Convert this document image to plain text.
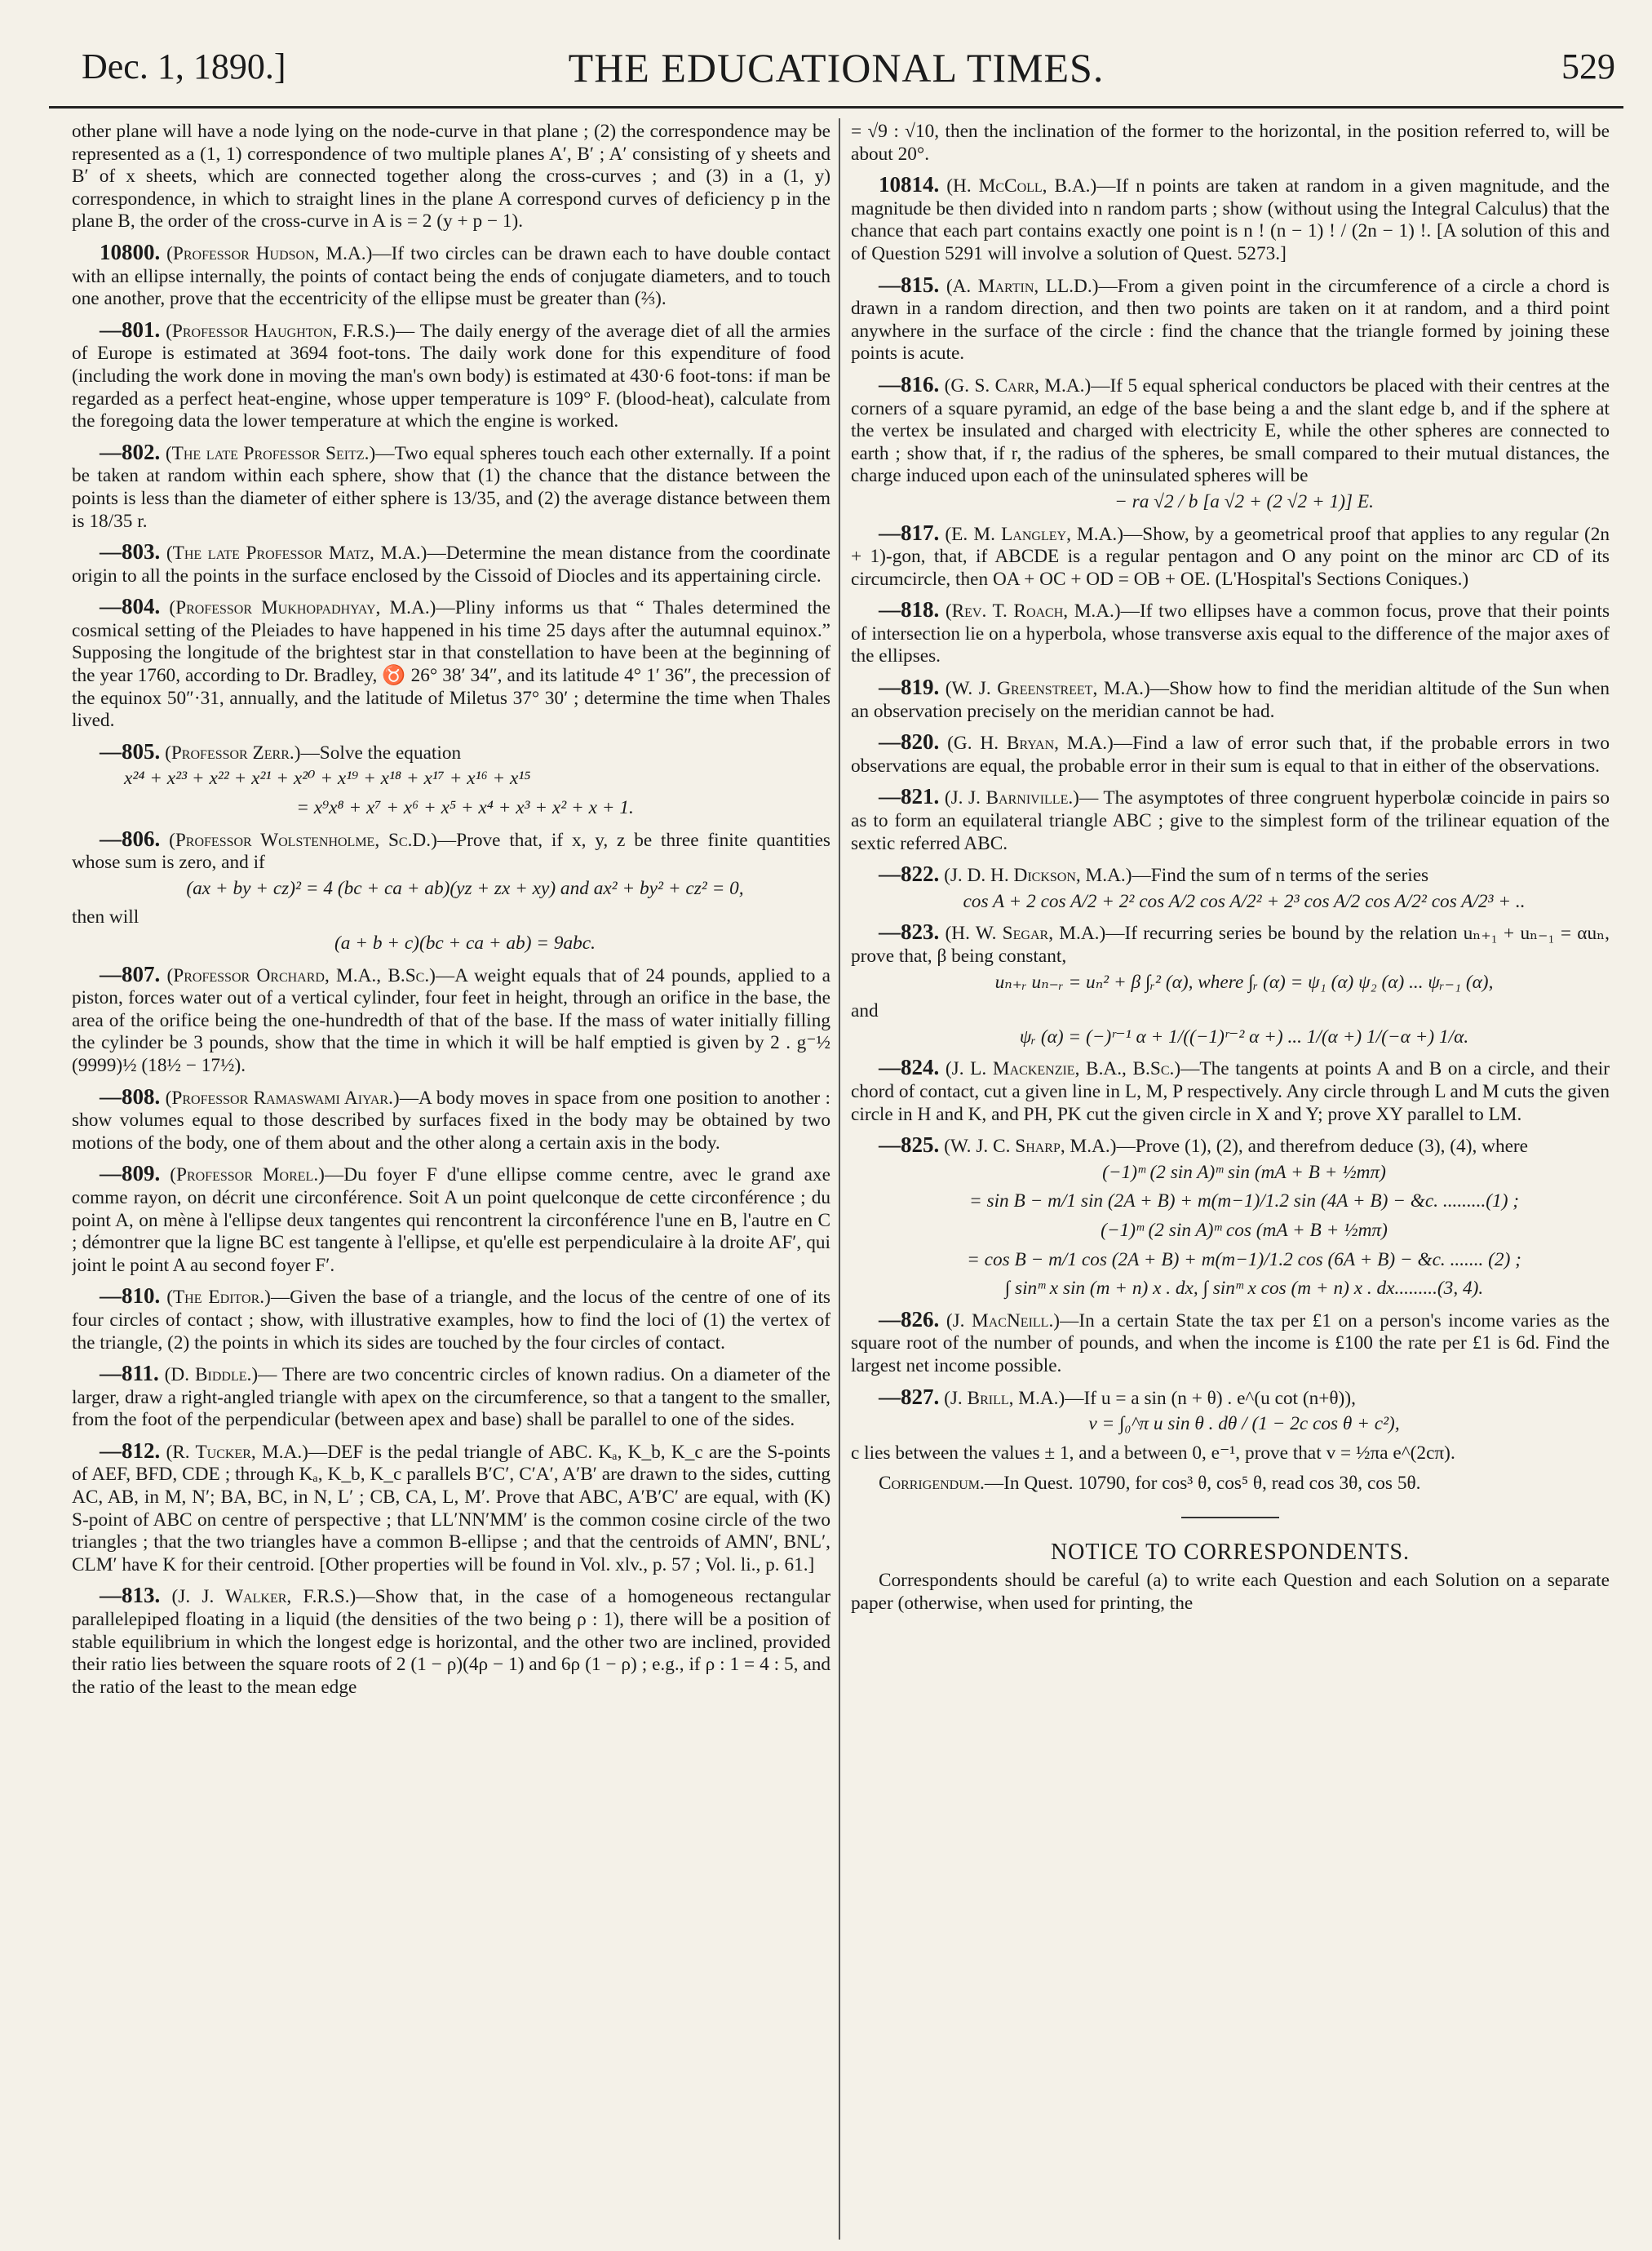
Dec. 1, 1890.]	THE EDUCATIONAL TIMES.	529

other plane will have a node lying on the node-curve in that plane ; (2) the correspondence may be represented as a (1, 1) correspondence of two multiple planes A′, B′ ; A′ consisting of y sheets and B′ of x sheets, which are connected together along the cross-curves ; and (3) in a (1, y) correspondence, in which to straight lines in the plane A correspond curves of deficiency p in the plane B, the order of the cross-curve in A is = 2 (y + p − 1).

10800. (Professor Hudson, M.A.)—If two circles can be drawn each to have double contact with an ellipse internally, the points of contact being the ends of conjugate diameters, and to touch one another, prove that the eccentricity of the ellipse must be greater than (⅔).

—801. (Professor Haughton, F.R.S.)— The daily energy of the average diet of all the armies of Europe is estimated at 3694 foot-tons. The daily work done for this expenditure of food (including the work done in moving the man's own body) is estimated at 430·6 foot-tons: if man be regarded as a perfect heat-engine, whose upper temperature is 109° F. (blood-heat), calculate from the foregoing data the lower temperature at which the engine is worked.

—802. (The late Professor Seitz.)—Two equal spheres touch each other externally. If a point be taken at random within each sphere, show that (1) the chance that the distance between the points is less than the diameter of either sphere is 13/35, and (2) the average distance between them is 18/35 r.

—803. (The late Professor Matz, M.A.)—Determine the mean distance from the coordinate origin to all the points in the surface enclosed by the Cissoid of Diocles and its appertaining circle.

—804. (Professor Mukhopadhyay, M.A.)—Pliny informs us that “ Thales determined the cosmical setting of the Pleiades to have happened in his time 25 days after the autumnal equinox.” Supposing the longitude of the brightest star in that constellation to have been at the beginning of the year 1760, according to Dr. Bradley, ♉ 26° 38′ 34″, and its latitude 4° 1′ 36″, the precession of the equinox 50″·31, annually, and the latitude of Miletus 37° 30′ ; determine the time when Thales lived.

—805. (Professor Zerr.)—Solve the equation
x²⁴ + x²³ + x²² + x²¹ + x²⁰ + x¹⁹ + x¹⁸ + x¹⁷ + x¹⁶ + x¹⁵
= x⁹x⁸ + x⁷ + x⁶ + x⁵ + x⁴ + x³ + x² + x + 1.

—806. (Professor Wolstenholme, Sc.D.)—Prove that, if x, y, z be three finite quantities whose sum is zero, and if
(ax + by + cz)² = 4 (bc + ca + ab)(yz + zx + xy) and ax² + by² + cz² = 0,
then will
(a + b + c)(bc + ca + ab) = 9abc.

—807. (Professor Orchard, M.A., B.Sc.)—A weight equals that of 24 pounds, applied to a piston, forces water out of a vertical cylinder, four feet in height, through an orifice in the base, the area of the orifice being the one-hundredth of that of the base. If the mass of water initially filling the cylinder be 3 pounds, show that the time in which it will be half emptied is given by 2 . g⁻½ (9999)½ (18½ − 17½).

—808. (Professor Ramaswami Aiyar.)—A body moves in space from one position to another : show volumes equal to those described by surfaces fixed in the body may be obtained by two motions of the body, one of them about and the other along a certain axis in the body.

—809. (Professor Morel.)—Du foyer F d'une ellipse comme centre, avec le grand axe comme rayon, on décrit une circonférence. Soit A un point quelconque de cette circonférence ; du point A, on mène à l'ellipse deux tangentes qui rencontrent la circonférence l'une en B, l'autre en C ; démontrer que la ligne BC est tangente à l'ellipse, et qu'elle est perpendiculaire à la droite AF′, qui joint le point A au second foyer F′.

—810. (The Editor.)—Given the base of a triangle, and the locus of the centre of one of its four circles of contact ; show, with illustrative examples, how to find the loci of (1) the vertex of the triangle, (2) the points in which its sides are touched by the four circles of contact.

—811. (D. Biddle.)— There are two concentric circles of known radius. On a diameter of the larger, draw a right-angled triangle with apex on the circumference, so that a tangent to the smaller, from the foot of the perpendicular (between apex and base) shall be parallel to one of the sides.

—812. (R. Tucker, M.A.)—DEF is the pedal triangle of ABC. Kₐ, K_b, K_c are the S-points of AEF, BFD, CDE ; through Kₐ, K_b, K_c parallels B′C′, C′A′, A′B′ are drawn to the sides, cutting AC, AB, in M, N′; BA, BC, in N, L′ ; CB, CA, L, M′. Prove that ABC, A′B′C′ are equal, with (K) S-point of ABC on centre of perspective ; that LL′NN′MM′ is the common cosine circle of the two triangles ; that the two triangles have a common B-ellipse ; and that the centroids of AMN′, BNL′, CLM′ have K for their centroid. [Other properties will be found in Vol. xlv., p. 57 ; Vol. li., p. 61.]

—813. (J. J. Walker, F.R.S.)—Show that, in the case of a homogeneous rectangular parallelepiped floating in a liquid (the densities of the two being ρ : 1), there will be a position of stable equilibrium in which the longest edge is horizontal, and the other two are inclined, provided their ratio lies between the square roots of 2 (1 − ρ)(4ρ − 1) and 6ρ (1 − ρ) ; e.g., if ρ : 1 = 4 : 5, and the ratio of the least to the mean edge

= √9 : √10, then the inclination of the former to the horizontal, in the position referred to, will be about 20°.

10814. (H. McColl, B.A.)—If n points are taken at random in a given magnitude, and the magnitude be then divided into n random parts ; show (without using the Integral Calculus) that the chance that each part contains exactly one point is n ! (n − 1) ! / (2n − 1) !. [A solution of this and of Question 5291 will involve a solution of Quest. 5273.]

—815. (A. Martin, LL.D.)—From a given point in the circumference of a circle a chord is drawn in a random direction, and then two points are taken on it at random, and a third point anywhere in the surface of the circle : find the chance that the triangle formed by joining these points is acute.

—816. (G. S. Carr, M.A.)—If 5 equal spherical conductors be placed with their centres at the corners of a square pyramid, an edge of the base being a and the slant edge b, and if the sphere at the vertex be insulated and charged with electricity E, while the other spheres are connected to earth ; show that, if r, the radius of the spheres, be small compared to their mutual distances, the charge induced upon each of the uninsulated spheres will be
− ra √2 / b [a √2 + (2 √2 + 1)] E.

—817. (E. M. Langley, M.A.)—Show, by a geometrical proof that applies to any regular (2n + 1)-gon, that, if ABCDE is a regular pentagon and O any point on the minor arc CD of its circumcircle, then OA + OC + OD = OB + OE. (L'Hospital's Sections Coniques.)

—818. (Rev. T. Roach, M.A.)—If two ellipses have a common focus, prove that their points of intersection lie on a hyperbola, whose transverse axis equal to the difference of the major axes of the ellipses.

—819. (W. J. Greenstreet, M.A.)—Show how to find the meridian altitude of the Sun when an observation precisely on the meridian cannot be had.

—820. (G. H. Bryan, M.A.)—Find a law of error such that, if the probable errors in two observations are equal, the probable error in their sum is equal to that in either of the observations.

—821. (J. J. Barniville.)— The asymptotes of three congruent hyperbolæ coincide in pairs so as to form an equilateral triangle ABC ; give to the simplest form of the trilinear equation of the sextic referred ABC.

—822. (J. D. H. Dickson, M.A.)—Find the sum of n terms of the series
cos A + 2 cos A/2 + 2² cos A/2 cos A/2² + 2³ cos A/2 cos A/2² cos A/2³ + ..

—823. (H. W. Segar, M.A.)—If recurring series be bound by the relation uₙ₊₁ + uₙ₋₁ = αuₙ, prove that, β being constant,
uₙ₊ᵣ uₙ₋ᵣ = uₙ² + β ∫ᵣ² (α), where ∫ᵣ (α) = ψ₁ (α) ψ₂ (α) ... ψᵣ₋₁ (α),
and
ψᵣ (α) = (−)ʳ⁻¹ α + 1/((−1)ʳ⁻² α +) ... 1/(α +) 1/(−α +) 1/α.

—824. (J. L. Mackenzie, B.A., B.Sc.)—The tangents at points A and B on a circle, and their chord of contact, cut a given line in L, M, P respectively. Any circle through L and M cuts the given circle in H and K, and PH, PK cut the given circle in X and Y; prove XY parallel to LM.

—825. (W. J. C. Sharp, M.A.)—Prove (1), (2), and therefrom deduce (3), (4), where
(−1)ᵐ (2 sin A)ᵐ sin (mA + B + ½mπ)
= sin B − m/1 sin (2A + B) + m(m−1)/1.2 sin (4A + B) − &c. .........(1) ;
(−1)ᵐ (2 sin A)ᵐ cos (mA + B + ½mπ)
= cos B − m/1 cos (2A + B) + m(m−1)/1.2 cos (6A + B) − &c. ....... (2) ;
∫ sinᵐ x sin (m + n) x . dx, ∫ sinᵐ x cos (m + n) x . dx.........(3, 4).

—826. (J. MacNeill.)—In a certain State the tax per £1 on a person's income varies as the square root of the number of pounds, and when the income is £100 the rate per £1 is 6d. Find the largest net income possible.

—827. (J. Brill, M.A.)—If u = a sin (n + θ) . e^(u cot (n+θ)),
v = ∫₀^π u sin θ . dθ / (1 − 2c cos θ + c²),
c lies between the values ± 1, and a between 0, e⁻¹, prove that v = ½πa e^(2cπ).

Corrigendum.—In Quest. 10790, for cos³ θ, cos⁵ θ, read cos 3θ, cos 5θ.

NOTICE TO CORRESPONDENTS.

Correspondents should be careful (a) to write each Question and each Solution on a separate paper (otherwise, when used for printing, the
